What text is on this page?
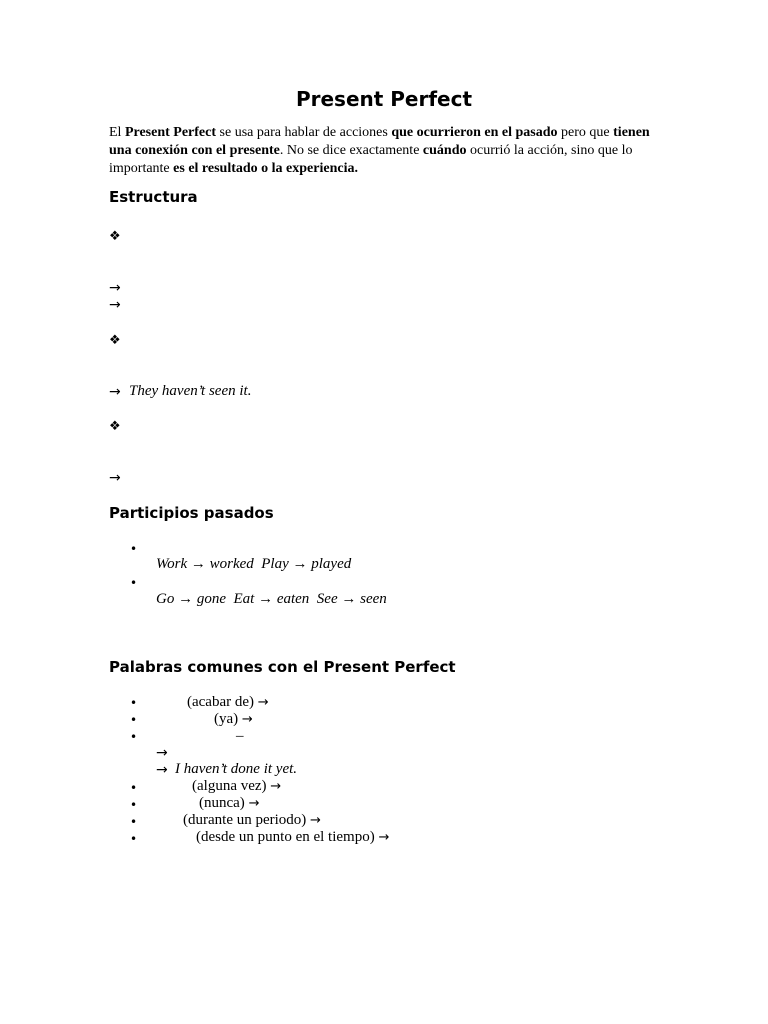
Present Perfect
El Present Perfect se usa para hablar de acciones que ocurrieron en el pasado pero que tienen una conexión con el presente. No se dice exactamente cuándo ocurrió la acción, sino que lo importante es el resultado o la experiencia.
Estructura
❖
→
→
❖
→ They haven’t seen it.
❖
→
Participios pasados
•
Work → worked  Play → played
•
Go → gone  Eat → eaten  See → seen
Palabras comunes con el Present Perfect
•	(acabar de) →
•	(ya) →
•	–
→
→ I haven’t done it yet.
•	(alguna vez) →
•	(nunca) →
•	(durante un periodo) →
•	(desde un punto en el tiempo) →
